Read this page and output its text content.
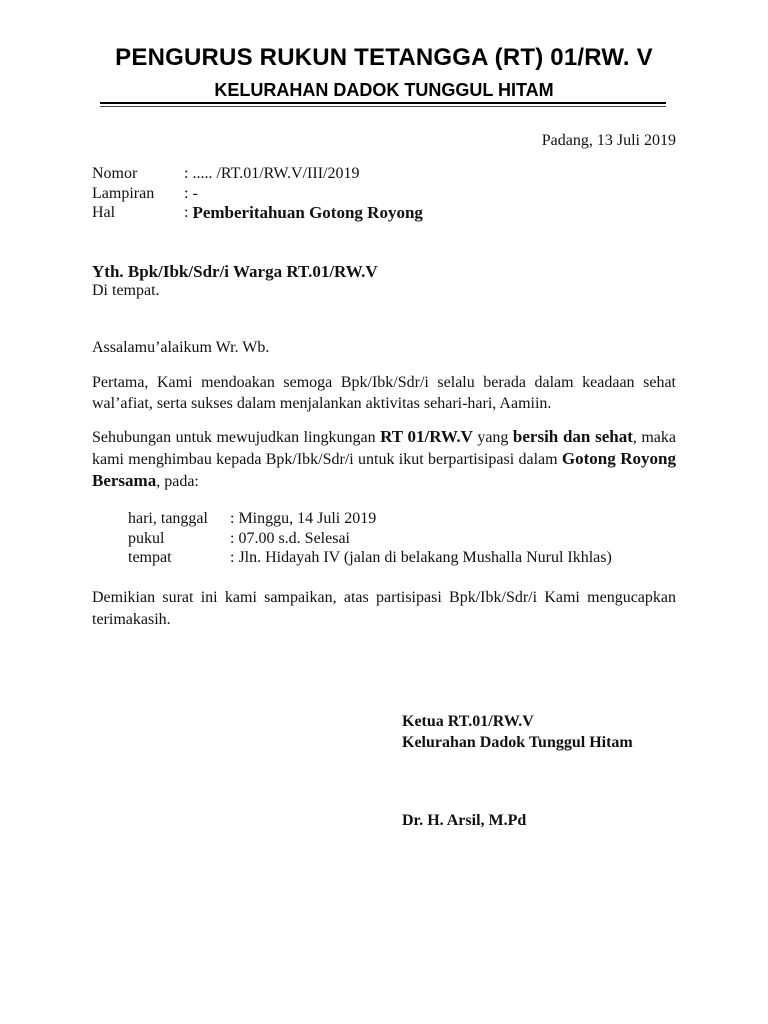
PENGURUS RUKUN TETANGGA (RT) 01/RW. V
KELURAHAN DADOK TUNGGUL HITAM
Padang, 13 Juli 2019
Nomor	: ..... /RT.01/RW.V/III/2019
Lampiran	: -
Hal	: Pemberitahuan Gotong Royong
Yth. Bpk/Ibk/Sdr/i Warga RT.01/RW.V
Di tempat.
Assalamu’alaikum Wr. Wb.
Pertama, Kami mendoakan semoga Bpk/Ibk/Sdr/i selalu berada dalam keadaan sehat wal’afiat, serta sukses dalam menjalankan aktivitas sehari-hari, Aamiin.
Sehubungan untuk mewujudkan lingkungan RT 01/RW.V yang bersih dan sehat, maka kami menghimbau kepada Bpk/Ibk/Sdr/i untuk ikut berpartisipasi dalam Gotong Royong Bersama, pada:
hari, tanggal	: Minggu, 14 Juli 2019
pukul	: 07.00 s.d. Selesai
tempat	: Jln. Hidayah IV (jalan di belakang Mushalla Nurul Ikhlas)
Demikian surat ini kami sampaikan, atas partisipasi Bpk/Ibk/Sdr/i Kami mengucapkan terimakasih.
Ketua RT.01/RW.V
Kelurahan Dadok Tunggul Hitam
Dr. H. Arsil, M.Pd
